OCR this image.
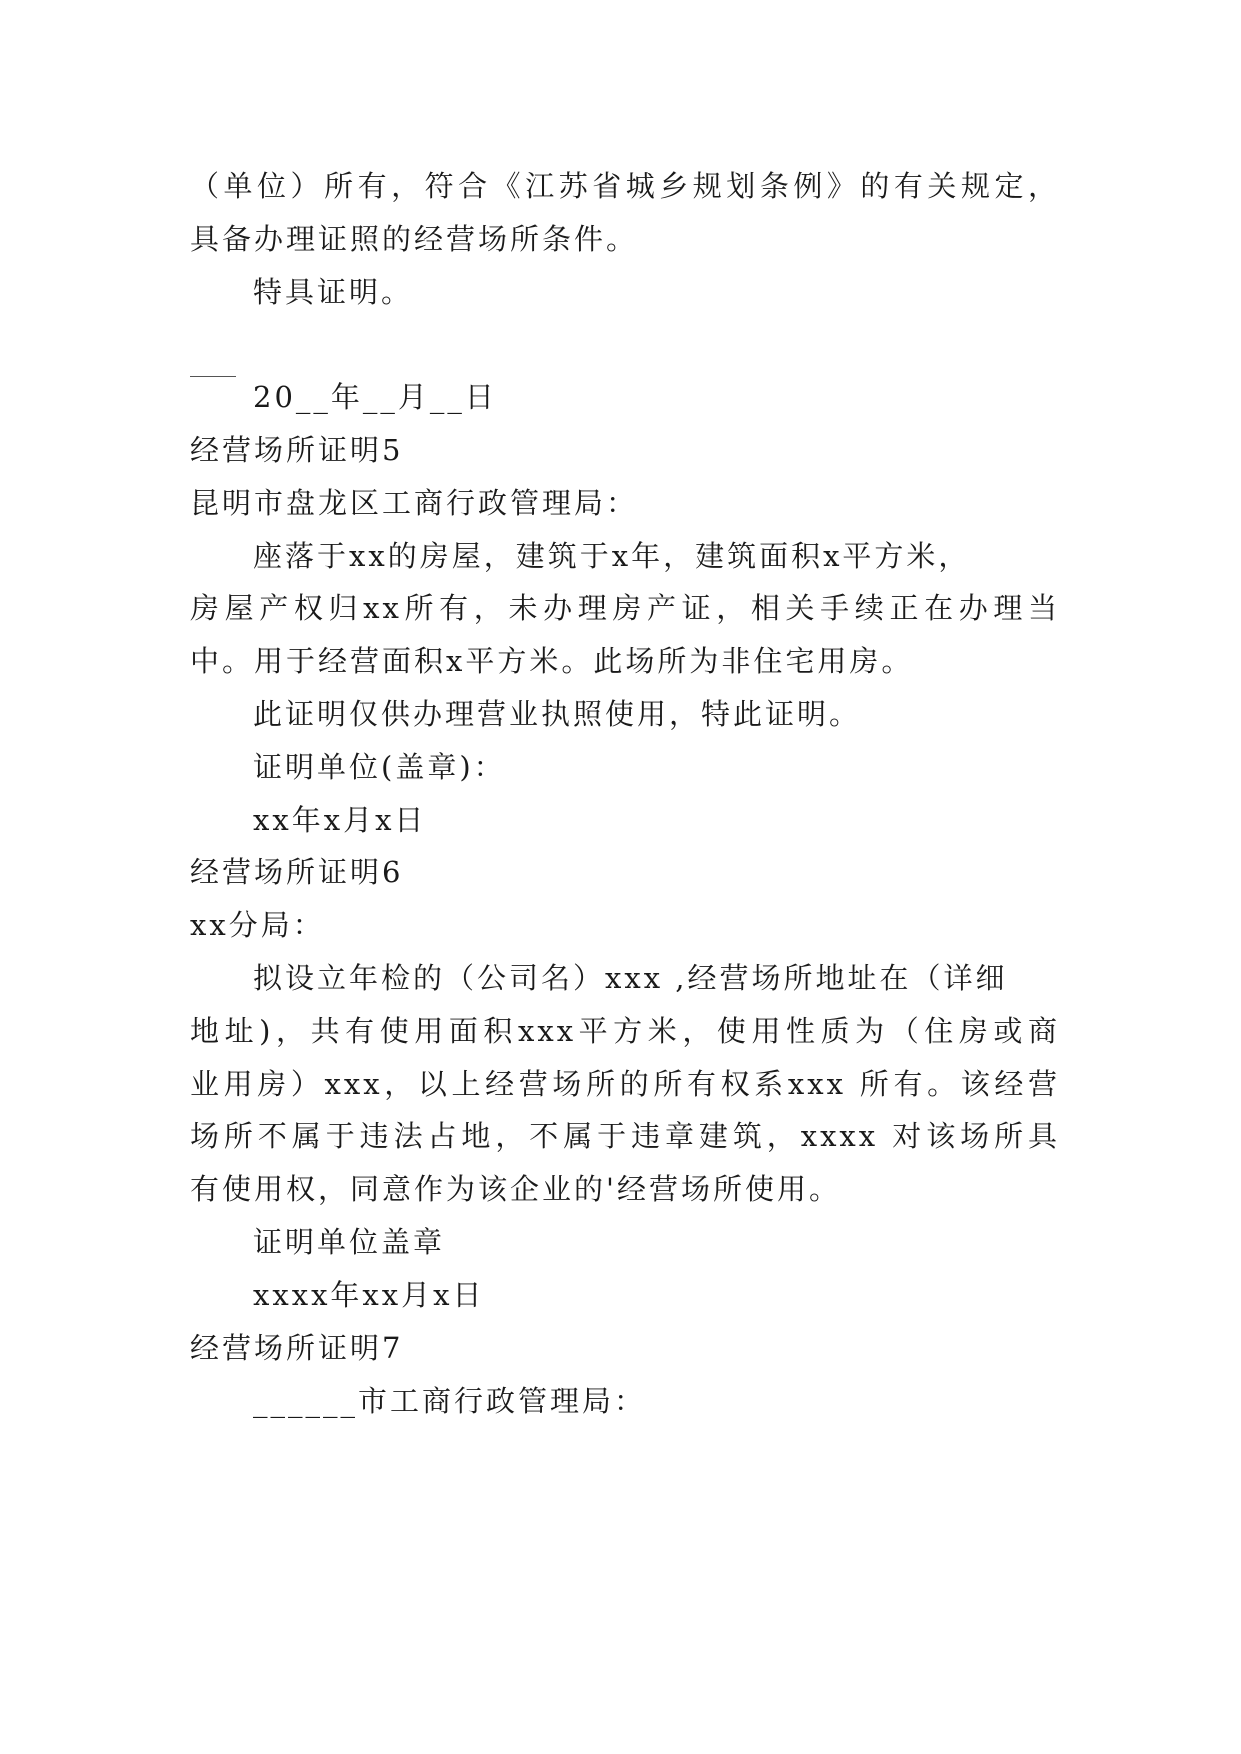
（单位）所有，符合《江苏省城乡规划条例》的有关规定，
具备办理证照的经营场所条件。
特具证明。
20__年__月__日
经营场所证明5
昆明市盘龙区工商行政管理局：
座落于xx的房屋，建筑于x年，建筑面积x平方米，
房屋产权归xx所有，未办理房产证，相关手续正在办理当
中。用于经营面积x平方米。此场所为非住宅用房。
此证明仅供办理营业执照使用，特此证明。
证明单位(盖章)：
xx年x月x日
经营场所证明6
xx分局：
拟设立年检的（公司名）xxx ,经营场所地址在（详细
地址)，共有使用面积xxx平方米，使用性质为（住房或商
业用房）xxx，以上经营场所的所有权系xxx 所有。该经营
场所不属于违法占地，不属于违章建筑，xxxx 对该场所具
有使用权，同意作为该企业的'经营场所使用。
证明单位盖章
xxxx年xx月x日
经营场所证明7
______市工商行政管理局：
